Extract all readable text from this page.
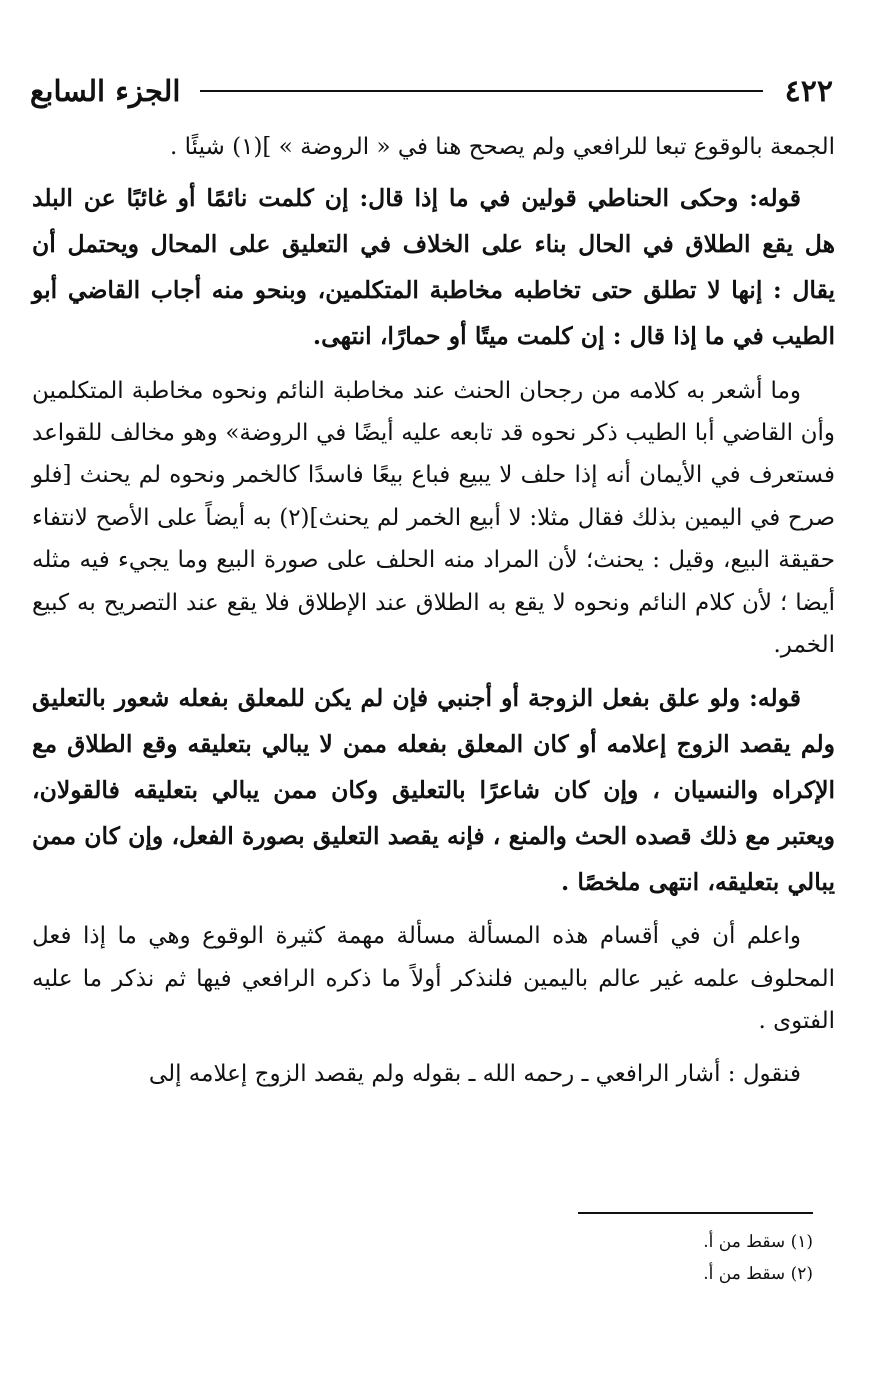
٤٢٢
الجزء السابع

الجمعة بالوقوع تبعا للرافعي ولم يصحح هنا في « الروضة » ](١) شيئًا .

قوله: وحكى الحناطي قولين في ما إذا قال: إن كلمت نائمًا أو غائبًا عن البلد هل يقع الطلاق في الحال بناء على الخلاف في التعليق على المحال ويحتمل أن يقال : إنها لا تطلق حتى تخاطبه مخاطبة المتكلمين، وبنحو منه أجاب القاضي أبو الطيب في ما إذا قال : إن كلمت ميتًا أو حمارًا، انتهى.

وما أشعر به كلامه من رجحان الحنث عند مخاطبة النائم ونحوه مخاطبة المتكلمين وأن القاضي أبا الطيب ذكر نحوه قد تابعه عليه أيضًا في الروضة» وهو مخالف للقواعد فستعرف في الأيمان أنه إذا حلف لا يبيع فباع بيعًا فاسدًا كالخمر ونحوه لم يحنث [فلو صرح في اليمين بذلك فقال مثلا: لا أبيع الخمر لم يحنث](٢) به أيضاً على الأصح لانتفاء حقيقة البيع، وقيل : يحنث؛ لأن المراد منه الحلف على صورة البيع وما يجيء فيه مثله أيضا ؛ لأن كلام النائم ونحوه لا يقع به الطلاق عند الإطلاق فلا يقع عند التصريح به كبيع الخمر.

قوله: ولو علق بفعل الزوجة أو أجنبي فإن لم يكن للمعلق بفعله شعور بالتعليق ولم يقصد الزوج إعلامه أو كان المعلق بفعله ممن لا يبالي بتعليقه وقع الطلاق مع الإكراه والنسيان ، وإن كان شاعرًا بالتعليق وكان ممن يبالي بتعليقه فالقولان، ويعتبر مع ذلك قصده الحث والمنع ، فإنه يقصد التعليق بصورة الفعل، وإن كان ممن يبالي بتعليقه، انتهى ملخصًا .

واعلم أن في أقسام هذه المسألة مسألة مهمة كثيرة الوقوع وهي ما إذا فعل المحلوف علمه غير عالم باليمين فلنذكر أولاً ما ذكره الرافعي فيها ثم نذكر ما عليه الفتوى .

فنقول : أشار الرافعي ـ رحمه الله ـ بقوله ولم يقصد الزوج إعلامه إلى

(١) سقط من أ.
(٢) سقط من أ.
